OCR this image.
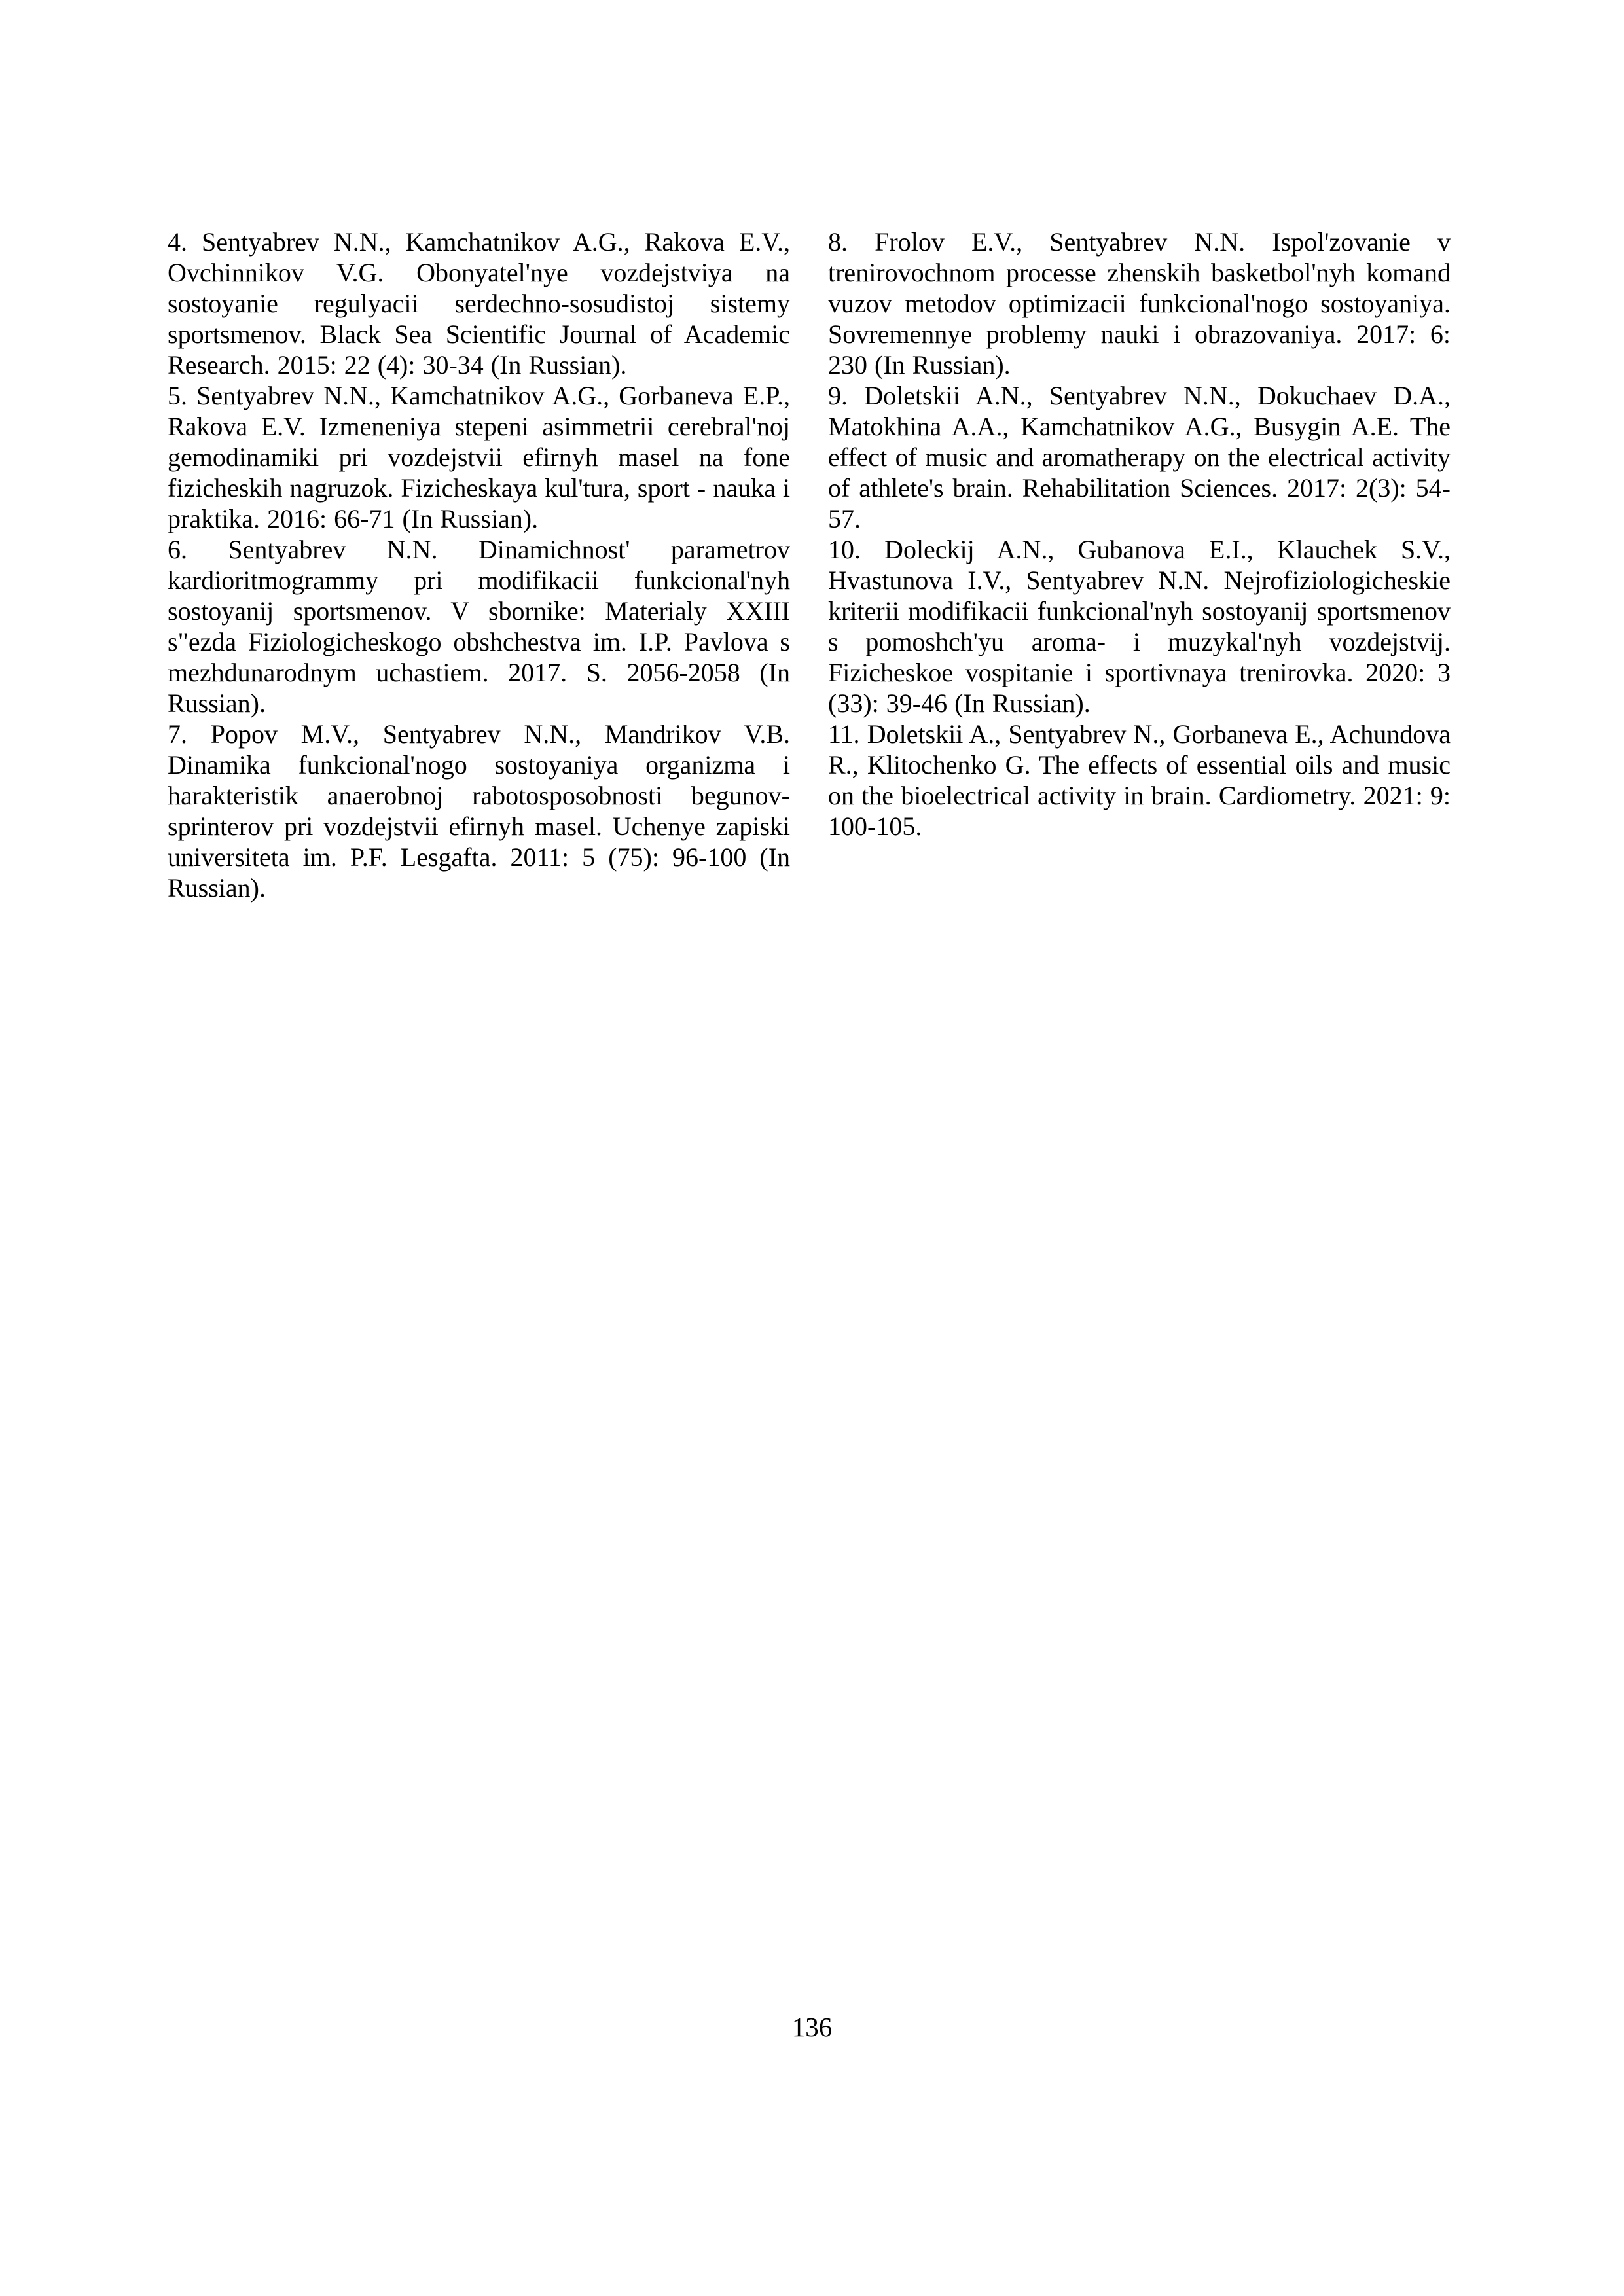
4. Sentyabrev N.N., Kamchatnikov A.G., Rakova E.V., Ovchinnikov V.G. Obonyatel'nye vozdejstviya na sostoyanie regulyacii serdechno-sosudistoj sistemy sportsmenov. Black Sea Scientific Journal of Academic Research. 2015: 22 (4): 30-34 (In Russian).

5. Sentyabrev N.N., Kamchatnikov A.G., Gorbaneva E.P., Rakova E.V. Izmeneniya stepeni asimmetrii cerebral'noj gemodinamiki pri vozdejstvii efirnyh masel na fone fizicheskih nagruzok. Fizicheskaya kul'tura, sport - nauka i praktika. 2016: 66-71 (In Russian).

6. Sentyabrev N.N. Dinamichnost' parametrov kardioritmogrammy pri modifikacii funkcional'nyh sostoyanij sportsmenov. V sbornike: Materialy XXIII s"ezda Fiziologicheskogo obshchestva im. I.P. Pavlova s mezhdunarodnym uchastiem. 2017. S. 2056-2058 (In Russian).

7. Popov M.V., Sentyabrev N.N., Mandrikov V.B. Dinamika funkcional'nogo sostoyaniya organizma i harakteristik anaerobnoj rabotosposobnosti begunov-sprinterov pri vozdejstvii efirnyh masel. Uchenye zapiski universiteta im. P.F. Lesgafta. 2011: 5 (75): 96-100 (In Russian).

8. Frolov E.V., Sentyabrev N.N. Ispol'zovanie v trenirovochnom processe zhenskih basketbol'nyh komand vuzov metodov optimizacii funkcional'nogo sostoyaniya. Sovremennye problemy nauki i obrazovaniya. 2017: 6: 230 (In Russian).

9. Doletskii A.N., Sentyabrev N.N., Dokuchaev D.A., Matokhina A.A., Kamchatnikov A.G., Busygin A.E. The effect of music and aromatherapy on the electrical activity of athlete's brain. Rehabilitation Sciences. 2017: 2(3): 54-57.

10. Doleckij A.N., Gubanova E.I., Klauchek S.V., Hvastunova I.V., Sentyabrev N.N. Nejrofiziologicheskie kriterii modifikacii funkcional'nyh sostoyanij sportsmenov s pomoshch'yu aroma- i muzykal'nyh vozdejstvij. Fizicheskoe vospitanie i sportivnaya trenirovka. 2020: 3 (33): 39-46 (In Russian).

11. Doletskii A., Sentyabrev N., Gorbaneva E., Achundova R., Klitochenko G. The effects of essential oils and music on the bioelectrical activity in brain. Cardiometry. 2021: 9: 100-105.

136
